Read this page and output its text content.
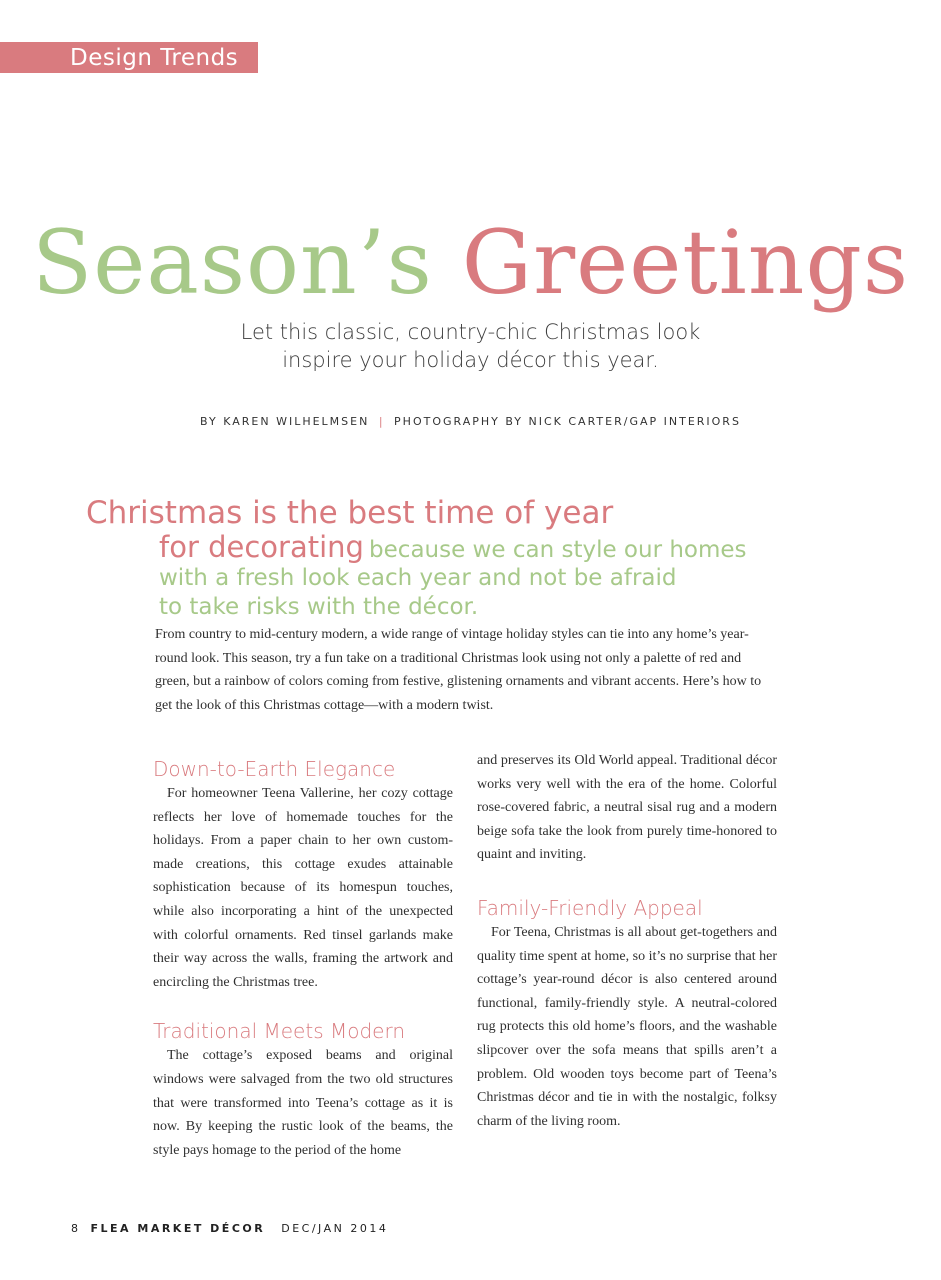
Design Trends
Season’s Greetings
Let this classic, country-chic Christmas look
inspire your holiday décor this year.
BY KAREN WILHELMSEN | PHOTOGRAPHY BY NICK CARTER/GAP INTERIORS
Christmas is the best time of year
for decorating because we can style our homes
with a fresh look each year and not be afraid
to take risks with the décor.
From country to mid-century modern, a wide range of vintage holiday styles can tie into any home’s year-round look. This season, try a fun take on a traditional Christmas look using not only a palette of red and green, but a rainbow of colors coming from festive, glistening ornaments and vibrant accents. Here’s how to get the look of this Christmas cottage—with a modern twist.
Down-to-Earth Elegance

For homeowner Teena Vallerine, her cozy cottage reflects her love of homemade touches for the holidays. From a paper chain to her own custom-made creations, this cottage exudes attainable sophistication because of its homespun touches, while also incorporating a hint of the unexpected with colorful ornaments. Red tinsel garlands make their way across the walls, framing the artwork and encircling the Christmas tree.

Traditional Meets Modern

The cottage’s exposed beams and original windows were salvaged from the two old structures that were transformed into Teena’s cottage as it is now. By keeping the rustic look of the beams, the style pays homage to the period of the home

and preserves its Old World appeal. Traditional décor works very well with the era of the home. Colorful rose-covered fabric, a neutral sisal rug and a modern beige sofa take the look from purely time-honored to quaint and inviting.

Family-Friendly Appeal

For Teena, Christmas is all about get-togethers and quality time spent at home, so it’s no surprise that her cottage’s year-round décor is also centered around functional, family-friendly style. A neutral-colored rug protects this old home’s floors, and the washable slipcover over the sofa means that spills aren’t a problem. Old wooden toys become part of Teena’s Christmas décor and tie in with the nostalgic, folksy charm of the living room.

8 FLEA MARKET DÉCOR DEC/JAN 2014
